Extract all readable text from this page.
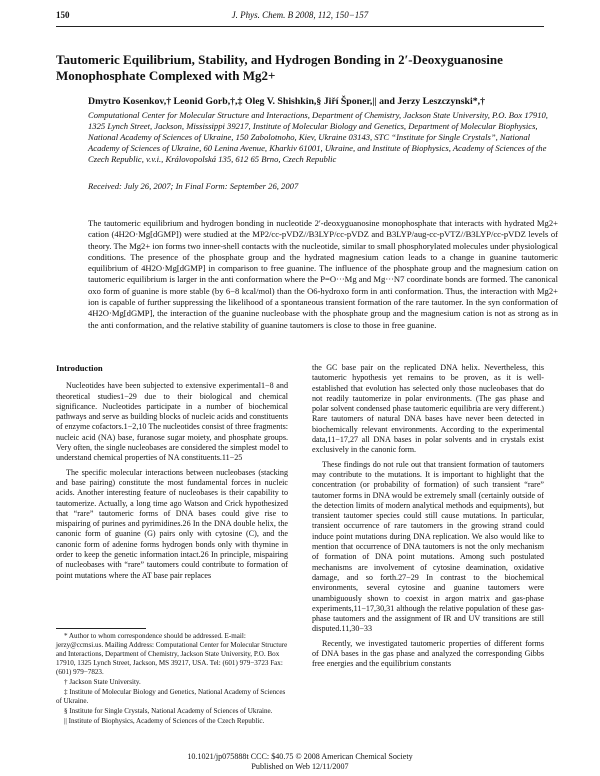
150	J. Phys. Chem. B 2008, 112, 150−157
Tautomeric Equilibrium, Stability, and Hydrogen Bonding in 2′-Deoxyguanosine Monophosphate Complexed with Mg2+
Dmytro Kosenkov,† Leonid Gorb,†,‡ Oleg V. Shishkin,§ Jiří Šponer,|| and Jerzy Leszczynski*,†
Computational Center for Molecular Structure and Interactions, Department of Chemistry, Jackson State University, P.O. Box 17910, 1325 Lynch Street, Jackson, Mississippi 39217, Institute of Molecular Biology and Genetics, Department of Molecular Biophysics, National Academy of Sciences of Ukraine, 150 Zabolotnoho, Kiev, Ukraine 03143, STC “Institute for Single Crystals”, National Academy of Sciences of Ukraine, 60 Lenina Avenue, Kharkiv 61001, Ukraine, and Institute of Biophysics, Academy of Sciences of the Czech Republic, v.v.i., Královopolská 135, 612 65 Brno, Czech Republic
Received: July 26, 2007; In Final Form: September 26, 2007
The tautomeric equilibrium and hydrogen bonding in nucleotide 2′-deoxyguanosine monophosphate that interacts with hydrated Mg2+ cation (4H2O·Mg[dGMP]) were studied at the MP2/cc-pVDZ//B3LYP/cc-pVDZ and B3LYP/aug-cc-pVTZ//B3LYP/cc-pVDZ levels of theory. The Mg2+ ion forms two inner-shell contacts with the nucleotide, similar to small phosphorylated molecules under physiological conditions. The presence of the phosphate group and the hydrated magnesium cation leads to a change in guanine tautomeric equilibrium of 4H2O·Mg[dGMP] in comparison to free guanine. The influence of the phosphate group and the magnesium cation on tautomeric equilibrium is larger in the anti conformation where the P=O···Mg and Mg···N7 coordinate bonds are formed. The canonical oxo form of guanine is more stable (by 6−8 kcal/mol) than the O6-hydroxo form in anti conformation. Thus, the interaction with Mg2+ ion is capable of further suppressing the likelihood of a spontaneous transient formation of the rare tautomer. In the syn conformation of 4H2O·Mg[dGMP], the interaction of the guanine nucleobase with the phosphate group and the magnesium cation is not as strong as in the anti conformation, and the relative stability of guanine tautomers is close to those in free guanine.
Introduction

Nucleotides have been subjected to extensive experimental1−8 and theoretical studies1−29 due to their biological and chemical significance. Nucleotides participate in a number of biochemical pathways and serve as building blocks of nucleic acids and constituents of enzyme cofactors.1−2,10 The nucleotides consist of three fragments: nucleic acid (NA) base, furanose sugar moiety, and phosphate groups. Very often, the single nucleobases are considered the simplest model to understand chemical properties of NA constituents.11−25

The specific molecular interactions between nucleobases (stacking and base pairing) constitute the most fundamental forces in nucleic acids. Another interesting feature of nucleobases is their capability to tautomerize. Actually, a long time ago Watson and Crick hypothesized that “rare” tautomeric forms of DNA bases could give rise to mispairing of purines and pyrimidines.26 In the DNA double helix, the canonic form of guanine (G) pairs only with cytosine (C), and the canonic form of adenine forms hydrogen bonds only with thymine in order to keep the genetic information intact.26 In principle, mispairing of nucleobases with “rare” tautomers could contribute to formation of point mutations where the AT base pair replaces

the GC base pair on the replicated DNA helix. Nevertheless, this tautomeric hypothesis yet remains to be proven, as it is well-established that evolution has selected only those nucleobases that do not readily tautomerize in polar environments. (The gas phase and polar solvent condensed phase tautomeric equilibria are very different.) Rare tautomers of natural DNA bases have never been detected in biochemically relevant environments. According to the experimental data,11−17,27 all DNA bases in polar solvents and in crystals exist exclusively in the canonic form.

These findings do not rule out that transient formation of tautomers may contribute to the mutations. It is important to highlight that the concentration (or probability of formation) of such transient “rare” tautomer forms in DNA would be extremely small (certainly outside of the detection limits of modern analytical methods and equipments), but transient tautomer species could still cause mutations. In particular, transient occurrence of rare tautomers in the growing strand could induce point mutations during DNA replication. We also would like to mention that occurrence of DNA tautomers is not the only mechanism of formation of DNA point mutations. Among such postulated mechanisms are involvement of cytosine deamination, oxidative damage, and so forth.27−29 In contrast to the biochemical environments, several cytosine and guanine tautomers were unambiguously shown to coexist in argon matrix and gas-phase experiments,11−17,30,31 although the relative population of these gas-phase tautomers and the assignment of IR and UV transitions are still disputed.11,30−33

Recently, we investigated tautomeric properties of different forms of DNA bases in the gas phase and analyzed the corresponding Gibbs free energies and the equilibrium constants

* Author to whom correspondence should be addressed. E-mail: jerzy@ccmsi.us. Mailing Address: Computational Center for Molecular Structure and Interactions, Department of Chemistry, Jackson State University, P.O. Box 17910, 1325 Lynch Street, Jackson, MS 39217, USA. Tel: (601) 979−3723 Fax: (601) 979−7823.
† Jackson State University.
‡ Institute of Molecular Biology and Genetics, National Academy of Sciences of Ukraine.
§ Institute for Single Crystals, National Academy of Sciences of Ukraine.
|| Institute of Biophysics, Academy of Sciences of the Czech Republic.
10.1021/jp075888t CCC: $40.75 © 2008 American Chemical Society
Published on Web 12/11/2007
